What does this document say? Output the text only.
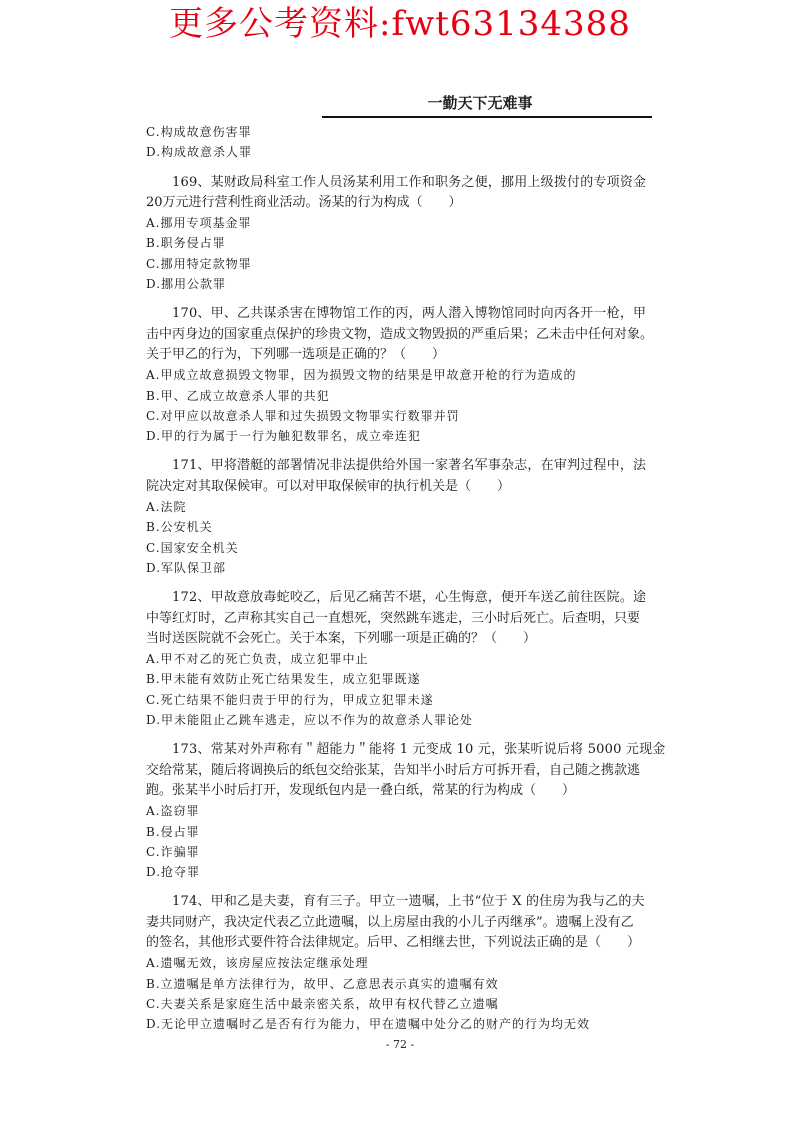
更多公考资料:fwt63134388
一勤天下无难事
C.构成故意伤害罪
D.构成故意杀人罪
169、某财政局科室工作人员汤某利用工作和职务之便，挪用上级拨付的专项资金
20万元进行营利性商业活动。汤某的行为构成（　　）
A.挪用专项基金罪
B.职务侵占罪
C.挪用特定款物罪
D.挪用公款罪
170、甲、乙共谋杀害在博物馆工作的丙，两人潜入博物馆同时向丙各开一枪，甲
击中丙身边的国家重点保护的珍贵文物，造成文物毁损的严重后果；乙未击中任何对象。
关于甲乙的行为，下列哪一选项是正确的？（　　）
A.甲成立故意损毁文物罪，因为损毁文物的结果是甲故意开枪的行为造成的
B.甲、乙成立故意杀人罪的共犯
C.对甲应以故意杀人罪和过失损毁文物罪实行数罪并罚
D.甲的行为属于一行为触犯数罪名，成立牵连犯
171、甲将潜艇的部署情况非法提供给外国一家著名军事杂志，在审判过程中，法
院决定对其取保候审。可以对甲取保候审的执行机关是（　　）
A.法院
B.公安机关
C.国家安全机关
D.军队保卫部
172、甲故意放毒蛇咬乙，后见乙痛苦不堪，心生悔意，便开车送乙前往医院。途
中等红灯时，乙声称其实自己一直想死，突然跳车逃走，三小时后死亡。后查明，只要
当时送医院就不会死亡。关于本案，下列哪一项是正确的？（　　）
A.甲不对乙的死亡负责，成立犯罪中止
B.甲未能有效防止死亡结果发生，成立犯罪既遂
C.死亡结果不能归责于甲的行为，甲成立犯罪未遂
D.甲未能阻止乙跳车逃走，应以不作为的故意杀人罪论处
173、常某对外声称有＂超能力＂能将 1 元变成 10 元，张某听说后将 5000 元现金
交给常某，随后将调换后的纸包交给张某，告知半小时后方可拆开看，自己随之携款逃
跑。张某半小时后打开，发现纸包内是一叠白纸，常某的行为构成（　　）
A.盗窃罪
B.侵占罪
C.诈骗罪
D.抢夺罪
174、甲和乙是夫妻，育有三子。甲立一遗嘱，上书“位于 X 的住房为我与乙的夫
妻共同财产，我决定代表乙立此遗嘱，以上房屋由我的小儿子丙继承”。遗嘱上没有乙
的签名，其他形式要件符合法律规定。后甲、乙相继去世，下列说法正确的是（　　）
A.遗嘱无效，该房屋应按法定继承处理
B.立遗嘱是单方法律行为，故甲、乙意思表示真实的遗嘱有效
C.夫妻关系是家庭生活中最亲密关系，故甲有权代替乙立遗嘱
D.无论甲立遗嘱时乙是否有行为能力，甲在遗嘱中处分乙的财产的行为均无效
- 72 -
